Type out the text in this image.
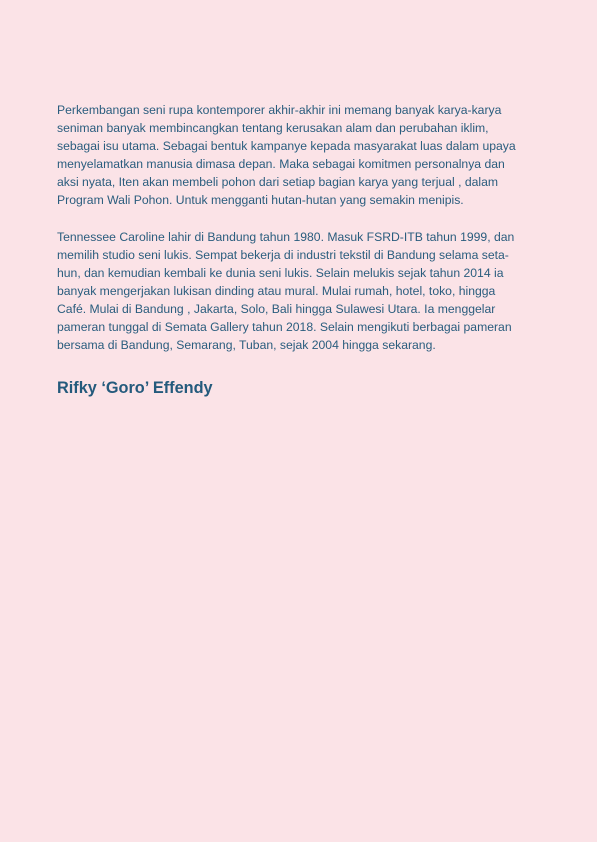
Perkembangan seni rupa kontemporer akhir-akhir ini memang banyak karya-karya
seniman banyak membincangkan tentang kerusakan alam dan perubahan iklim,
sebagai isu utama. Sebagai bentuk kampanye kepada masyarakat luas dalam upaya
menyelamatkan manusia dimasa depan. Maka sebagai komitmen personalnya dan
aksi nyata, Iten akan membeli pohon dari setiap bagian karya yang terjual , dalam
Program Wali Pohon. Untuk mengganti hutan-hutan yang semakin menipis.

Tennessee Caroline lahir di Bandung tahun 1980. Masuk FSRD-ITB tahun 1999, dan
memilih studio seni lukis. Sempat bekerja di industri tekstil di Bandung selama seta-
hun, dan kemudian kembali ke dunia seni lukis. Selain melukis sejak tahun 2014 ia
banyak mengerjakan lukisan dinding atau mural. Mulai rumah, hotel, toko, hingga
Café. Mulai di Bandung , Jakarta, Solo, Bali hingga Sulawesi Utara. Ia menggelar
pameran tunggal di Semata Gallery tahun 2018. Selain mengikuti berbagai pameran
bersama di Bandung, Semarang, Tuban, sejak 2004 hingga sekarang.

Rifky ‘Goro’ Effendy
